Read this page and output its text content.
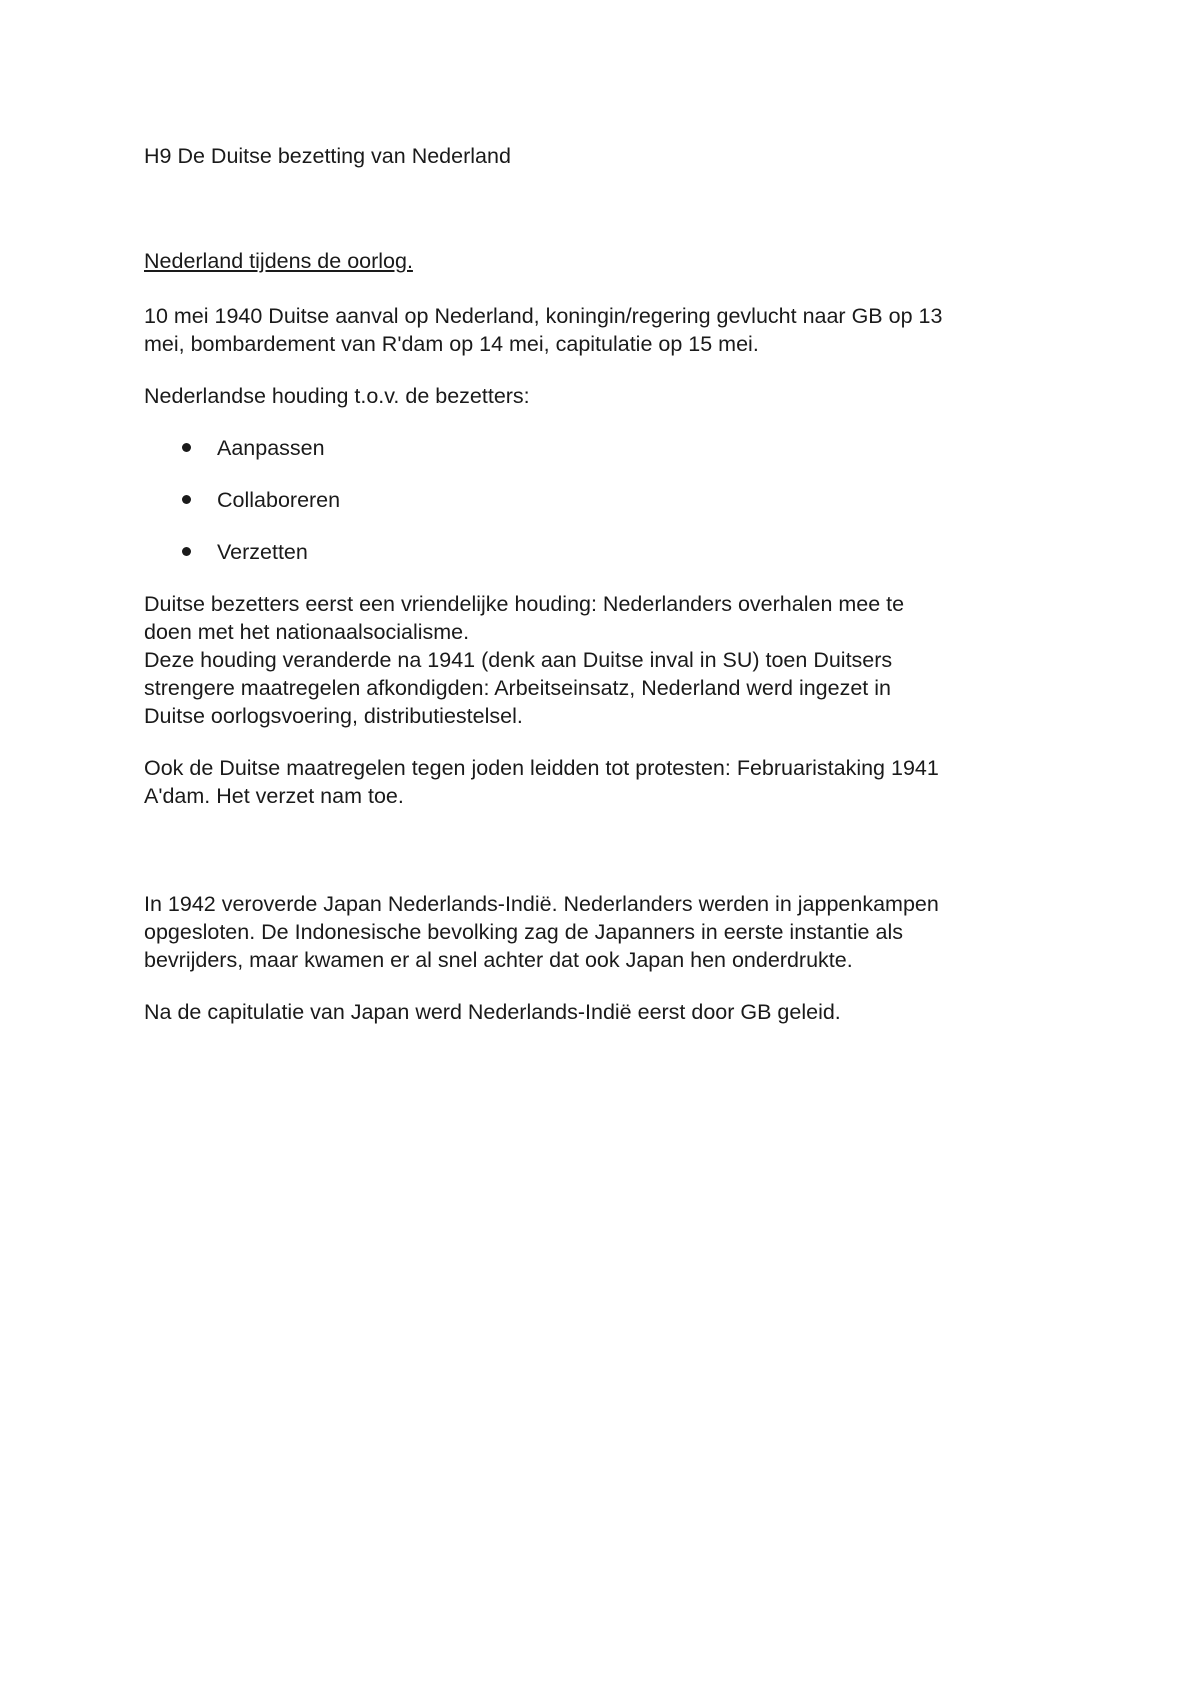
H9 De Duitse bezetting van Nederland

Nederland tijdens de oorlog.

10 mei 1940 Duitse aanval op Nederland, koningin/regering gevlucht naar GB op 13
mei, bombardement van R'dam op 14 mei, capitulatie op 15 mei.

Nederlandse houding t.o.v. de bezetters:

Aanpassen
Collaboreren
Verzetten

Duitse bezetters eerst een vriendelijke houding: Nederlanders overhalen mee te
doen met het nationaalsocialisme.
Deze houding veranderde na 1941 (denk aan Duitse inval in SU) toen Duitsers
strengere maatregelen afkondigden: Arbeitseinsatz, Nederland werd ingezet in
Duitse oorlogsvoering, distributiestelsel.

Ook de Duitse maatregelen tegen joden leidden tot protesten: Februaristaking 1941
A'dam. Het verzet nam toe.

In 1942 veroverde Japan Nederlands-Indië. Nederlanders werden in jappenkampen
opgesloten. De Indonesische bevolking zag de Japanners in eerste instantie als
bevrijders, maar kwamen er al snel achter dat ook Japan hen onderdrukte.

Na de capitulatie van Japan werd Nederlands-Indië eerst door GB geleid.
